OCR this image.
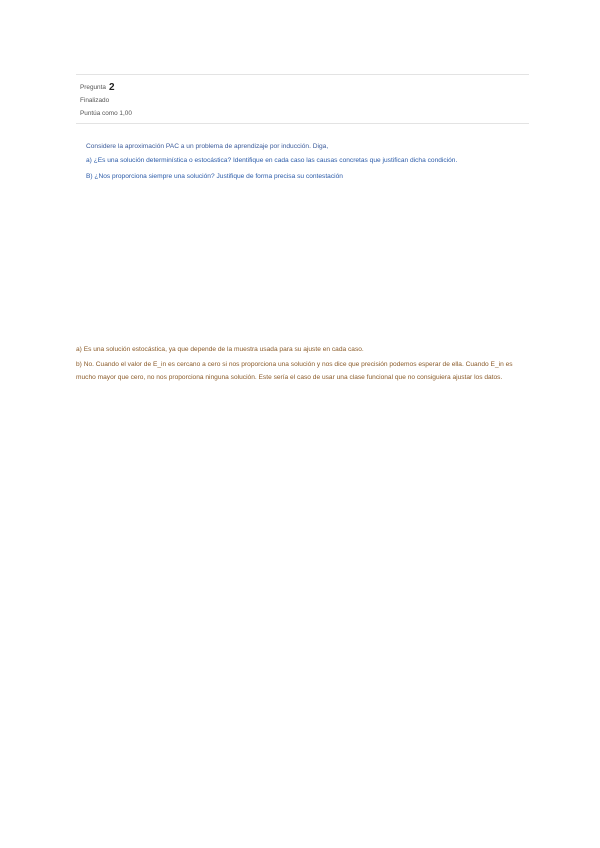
Pregunta 2
Finalizado
Puntúa como 1,00
Considere la aproximación PAC a un problema de aprendizaje por inducción. Diga,
a) ¿Es una solución determinística o estocástica? Identifique en cada caso las causas concretas que justifican dicha condición.
B) ¿Nos proporciona siempre una solución? Justifique de forma precisa su contestación
a) Es una solución estocástica, ya que depende de la muestra usada para su ajuste en cada caso.
b) No. Cuando el valor de E_in es cercano a cero si nos proporciona una solución y nos dice que precisión podemos esperar de ella. Cuando E_in es mucho mayor que cero, no nos proporciona ninguna solución. Este sería el caso de usar una clase funcional que no consiguiera ajustar los datos.
